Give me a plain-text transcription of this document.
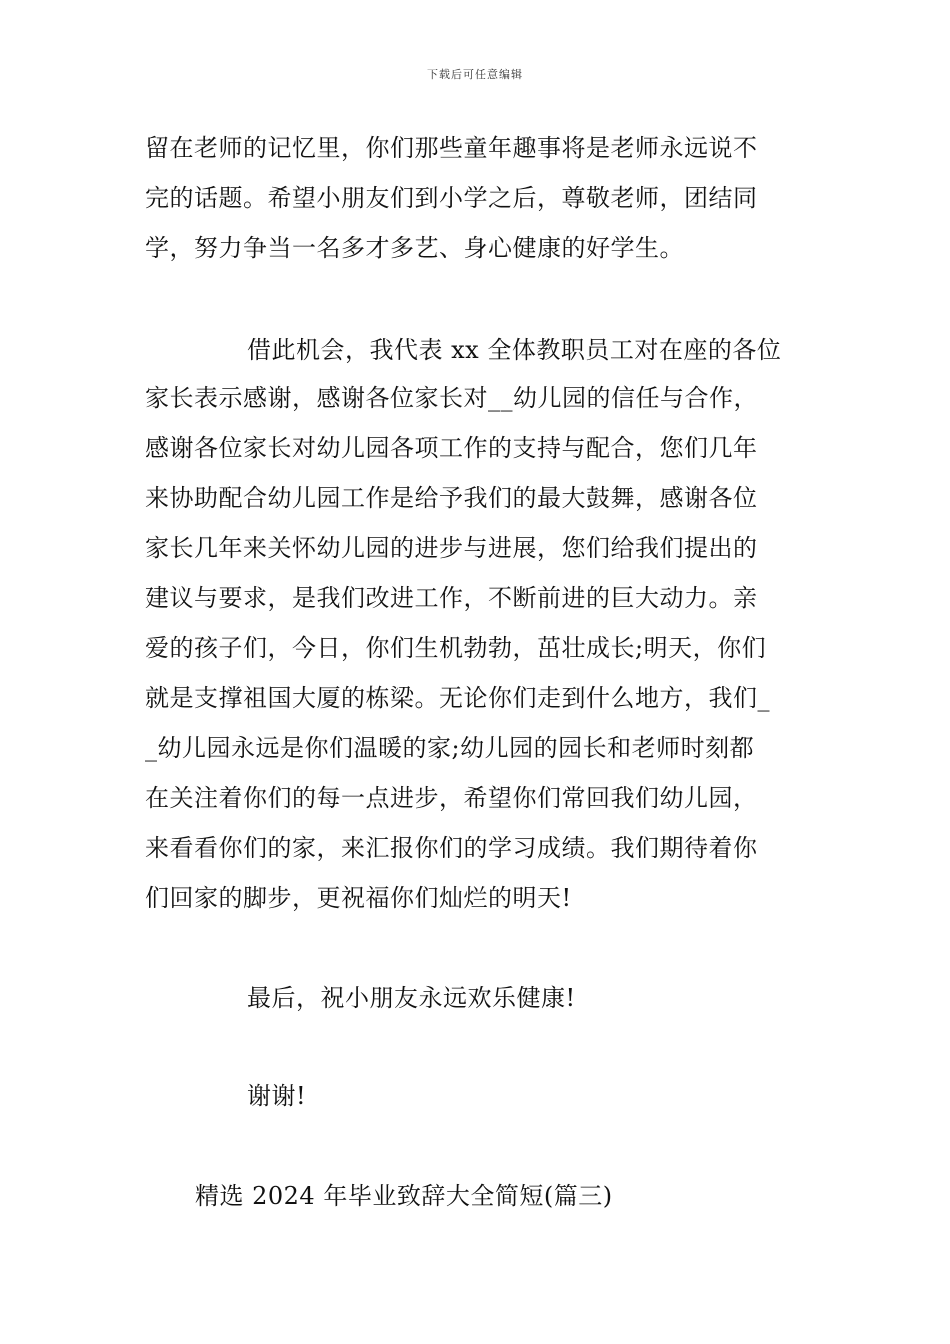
下载后可任意编辑
留在老师的记忆里，你们那些童年趣事将是老师永远说不
完的话题。希望小朋友们到小学之后，尊敬老师，团结同
学，努力争当一名多才多艺、身心健康的好学生。
借此机会，我代表 xx 全体教职员工对在座的各位
家长表示感谢，感谢各位家长对__幼儿园的信任与合作，
感谢各位家长对幼儿园各项工作的支持与配合，您们几年
来协助配合幼儿园工作是给予我们的最大鼓舞，感谢各位
家长几年来关怀幼儿园的进步与进展，您们给我们提出的
建议与要求，是我们改进工作，不断前进的巨大动力。亲
爱的孩子们，今日，你们生机勃勃，茁壮成长;明天，你们
就是支撑祖国大厦的栋梁。无论你们走到什么地方，我们_
_幼儿园永远是你们温暖的家;幼儿园的园长和老师时刻都
在关注着你们的每一点进步，希望你们常回我们幼儿园，
来看看你们的家，来汇报你们的学习成绩。我们期待着你
们回家的脚步，更祝福你们灿烂的明天!
最后，祝小朋友永远欢乐健康!
谢谢!
精选 2024 年毕业致辞大全简短(篇三)
